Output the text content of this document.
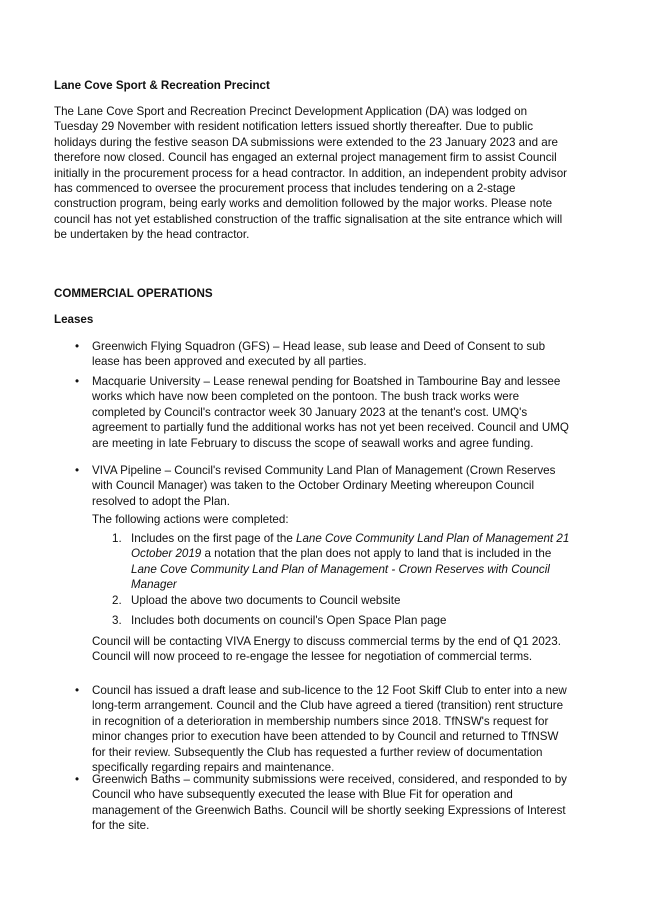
Lane Cove Sport & Recreation Precinct

The Lane Cove Sport and Recreation Precinct Development Application (DA) was lodged on Tuesday 29 November with resident notification letters issued shortly thereafter. Due to public holidays during the festive season DA submissions were extended to the 23 January 2023 and are therefore now closed. Council has engaged an external project management firm to assist Council initially in the procurement process for a head contractor. In addition, an independent probity advisor has commenced to oversee the procurement process that includes tendering on a 2-stage construction program, being early works and demolition followed by the major works. Please note council has not yet established construction of the traffic signalisation at the site entrance which will be undertaken by the head contractor.

COMMERCIAL OPERATIONS
Leases
• Greenwich Flying Squadron (GFS) – Head lease, sub lease and Deed of Consent to sub lease has been approved and executed by all parties.

• Macquarie University – Lease renewal pending for Boatshed in Tambourine Bay and lessee works which have now been completed on the pontoon. The bush track works were completed by Council's contractor week 30 January 2023 at the tenant's cost. UMQ's agreement to partially fund the additional works has not yet been received. Council and UMQ are meeting in late February to discuss the scope of seawall works and agree funding.

• VIVA Pipeline – Council's revised Community Land Plan of Management (Crown Reserves with Council Manager) was taken to the October Ordinary Meeting whereupon Council resolved to adopt the Plan.

The following actions were completed:

1. Includes on the first page of the Lane Cove Community Land Plan of Management 21 October 2019 a notation that the plan does not apply to land that is included in the Lane Cove Community Land Plan of Management - Crown Reserves with Council Manager

2. Upload the above two documents to Council website

3. Includes both documents on council's Open Space Plan page

Council will be contacting VIVA Energy to discuss commercial terms by the end of Q1 2023. Council will now proceed to re-engage the lessee for negotiation of commercial terms.

• Council has issued a draft lease and sub-licence to the 12 Foot Skiff Club to enter into a new long-term arrangement. Council and the Club have agreed a tiered (transition) rent structure in recognition of a deterioration in membership numbers since 2018. TfNSW's request for minor changes prior to execution have been attended to by Council and returned to TfNSW for their review. Subsequently the Club has requested a further review of documentation specifically regarding repairs and maintenance.

• Greenwich Baths – community submissions were received, considered, and responded to by Council who have subsequently executed the lease with Blue Fit for operation and management of the Greenwich Baths. Council will be shortly seeking Expressions of Interest for the site.
